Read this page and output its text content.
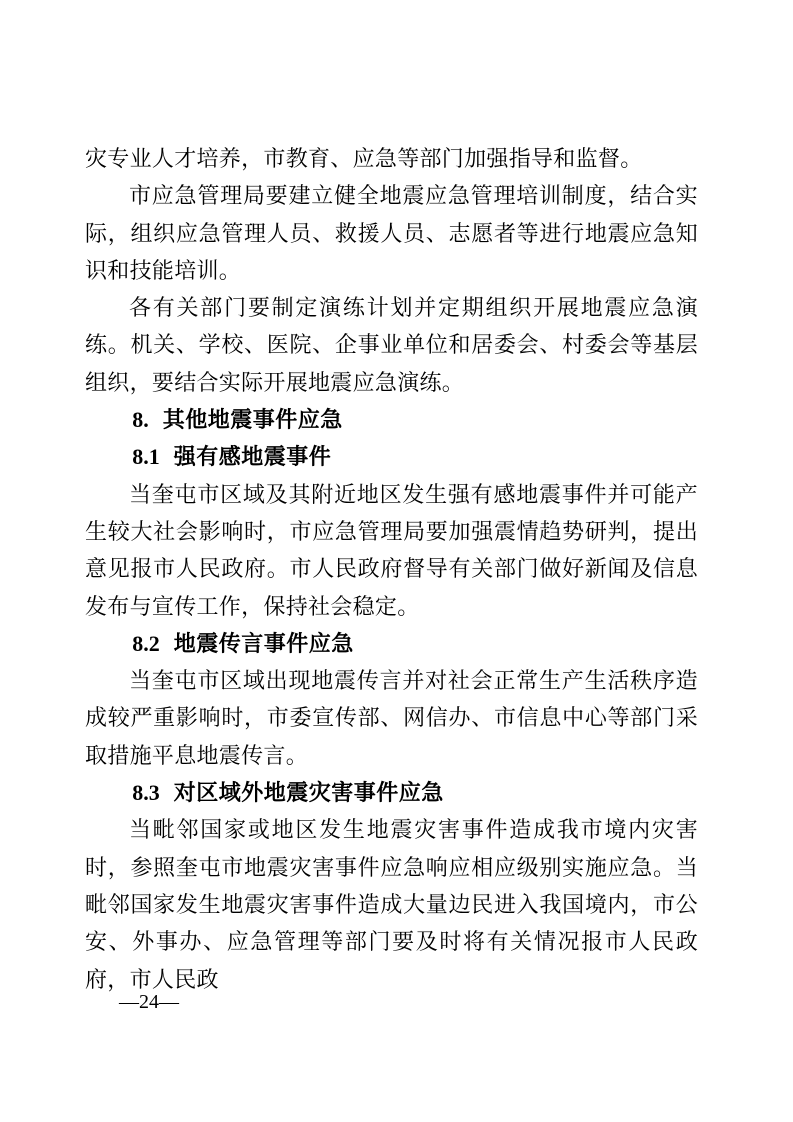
灾专业人才培养，市教育、应急等部门加强指导和监督。

市应急管理局要建立健全地震应急管理培训制度，结合实际，组织应急管理人员、救援人员、志愿者等进行地震应急知识和技能培训。

各有关部门要制定演练计划并定期组织开展地震应急演练。机关、学校、医院、企事业单位和居委会、村委会等基层组织，要结合实际开展地震应急演练。

8. 其他地震事件应急
8.1 强有感地震事件

当奎屯市区域及其附近地区发生强有感地震事件并可能产生较大社会影响时，市应急管理局要加强震情趋势研判，提出意见报市人民政府。市人民政府督导有关部门做好新闻及信息发布与宣传工作，保持社会稳定。

8.2 地震传言事件应急

当奎屯市区域出现地震传言并对社会正常生产生活秩序造成较严重影响时，市委宣传部、网信办、市信息中心等部门采取措施平息地震传言。

8.3 对区域外地震灾害事件应急

当毗邻国家或地区发生地震灾害事件造成我市境内灾害时，参照奎屯市地震灾害事件应急响应相应级别实施应急。当毗邻国家发生地震灾害事件造成大量边民进入我国境内，市公安、外事办、应急管理等部门要及时将有关情况报市人民政府，市人民政

—24—
